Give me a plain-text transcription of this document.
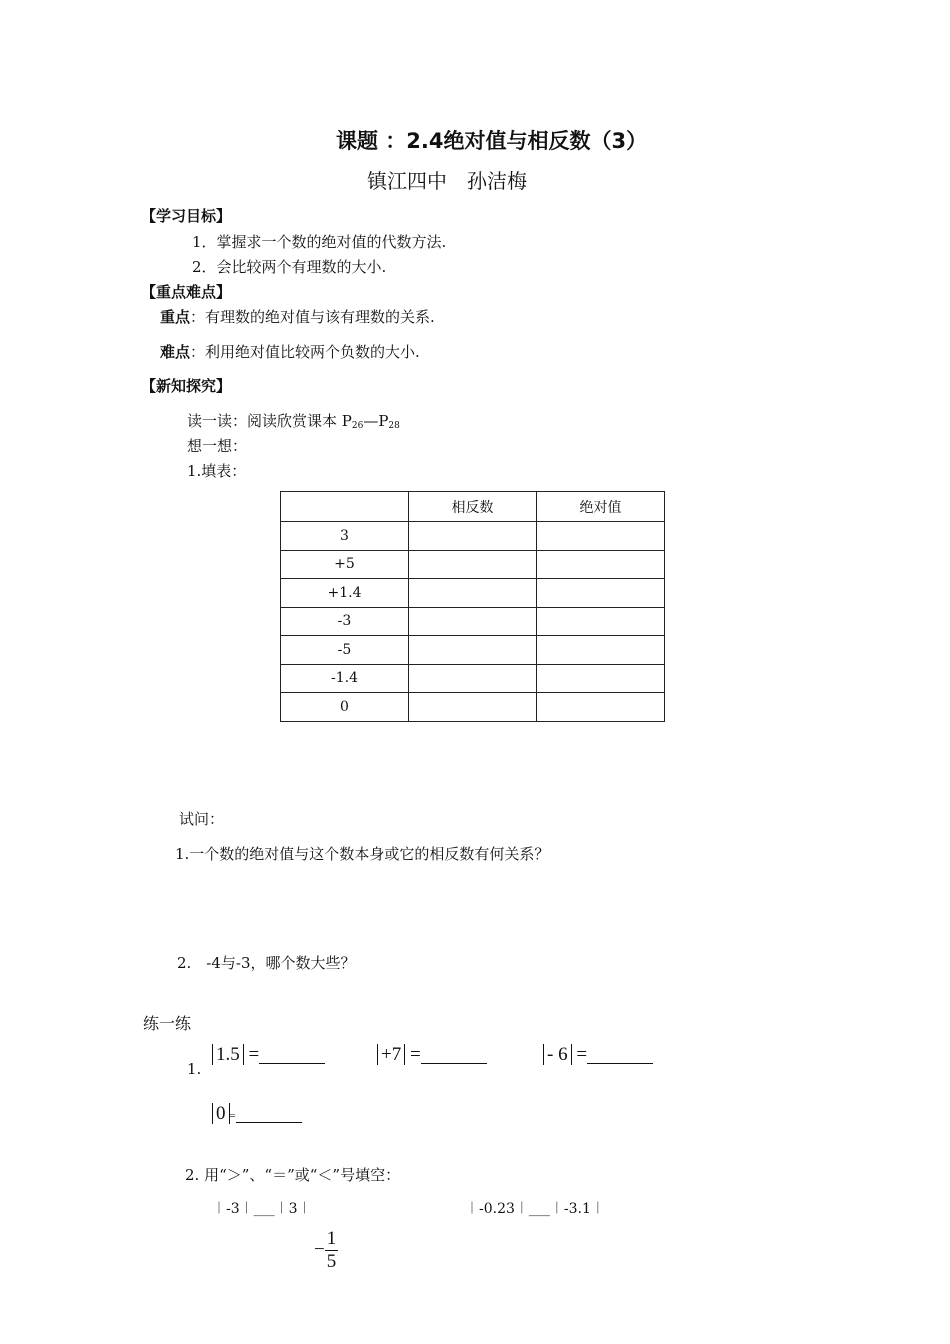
课题 ：2.4绝对值与相反数（3）
镇江四中　孙洁梅
【学习目标】
1．掌握求一个数的绝对值的代数方法.
2．会比较两个有理数的大小.
【重点难点】
重点：有理数的绝对值与该有理数的关系.
难点：利用绝对值比较两个负数的大小.
【新知探究】
读一读：阅读欣赏课本 $P_{26}—P_{28}$
想一想：
1.填表：
	相反数	绝对值
3		
+5		
+1.4		
-3		
-5		
-1.4		
0		
试问：
1.一个数的绝对值与这个数本身或它的相反数有何关系？
2.　-4与-3，哪个数大些？
练一练
1.
1.5 =	+7 =	- 6 =
0 =
2. 用“＞”、“＝”或“＜”号填空：
︱-3︱___︱3︱	︱-0.23︱___︱-3.1︱
− $\frac{1}{5}$
